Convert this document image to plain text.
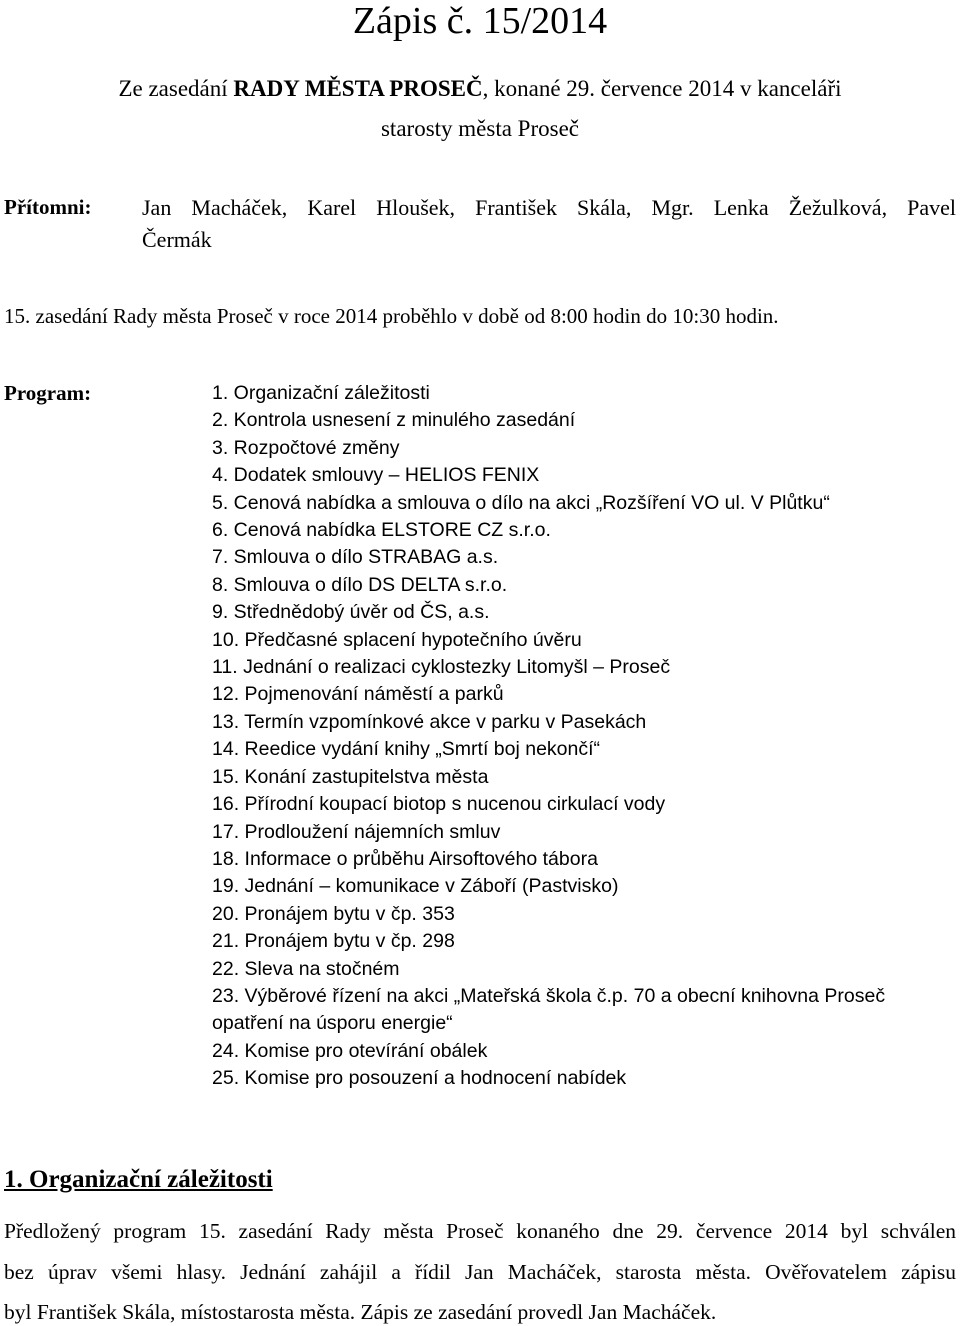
Zápis č. 15/2014
Ze zasedání RADY MĚSTA PROSEČ, konané 29. července 2014 v kanceláři
starosty města Proseč
Přítomni: Jan Macháček, Karel Hloušek, František Skála, Mgr. Lenka Žežulková, Pavel
Čermák
15. zasedání Rady města Proseč v roce 2014 proběhlo v době od 8:00 hodin do 10:30 hodin.
Program:	1. Organizační záležitosti
2. Kontrola usnesení z minulého zasedání
3. Rozpočtové změny
4. Dodatek smlouvy – HELIOS FENIX
5. Cenová nabídka a smlouva o dílo na akci „Rozšíření VO ul. V Plůtku“
6. Cenová nabídka ELSTORE CZ s.r.o.
7. Smlouva o dílo STRABAG a.s.
8. Smlouva o dílo DS DELTA s.r.o.
9. Střednědobý úvěr od ČS, a.s.
10. Předčasné splacení hypotečního úvěru
11. Jednání o realizaci cyklostezky Litomyšl – Proseč
12. Pojmenování náměstí a parků
13. Termín vzpomínkové akce v parku v Pasekách
14. Reedice vydání knihy „Smrtí boj nekončí“
15. Konání zastupitelstva města
16. Přírodní koupací biotop s nucenou cirkulací vody
17. Prodloužení nájemních smluv
18. Informace o průběhu Airsoftového tábora
19. Jednání – komunikace v Záboří (Pastvisko)
20. Pronájem bytu v čp. 353
21. Pronájem bytu v čp. 298
22. Sleva na stočném
23. Výběrové řízení na akci „Mateřská škola č.p. 70 a obecní knihovna Proseč opatření na úsporu energie“
24. Komise pro otevírání obálek
25. Komise pro posouzení a hodnocení nabídek
1. Organizační záležitosti
Předložený program 15. zasedání Rady města Proseč konaného dne 29. července 2014 byl schválen
bez úprav všemi hlasy. Jednání zahájil a řídil Jan Macháček, starosta města. Ověřovatelem zápisu
byl František Skála, místostarosta města. Zápis ze zasedání provedl Jan Macháček.
